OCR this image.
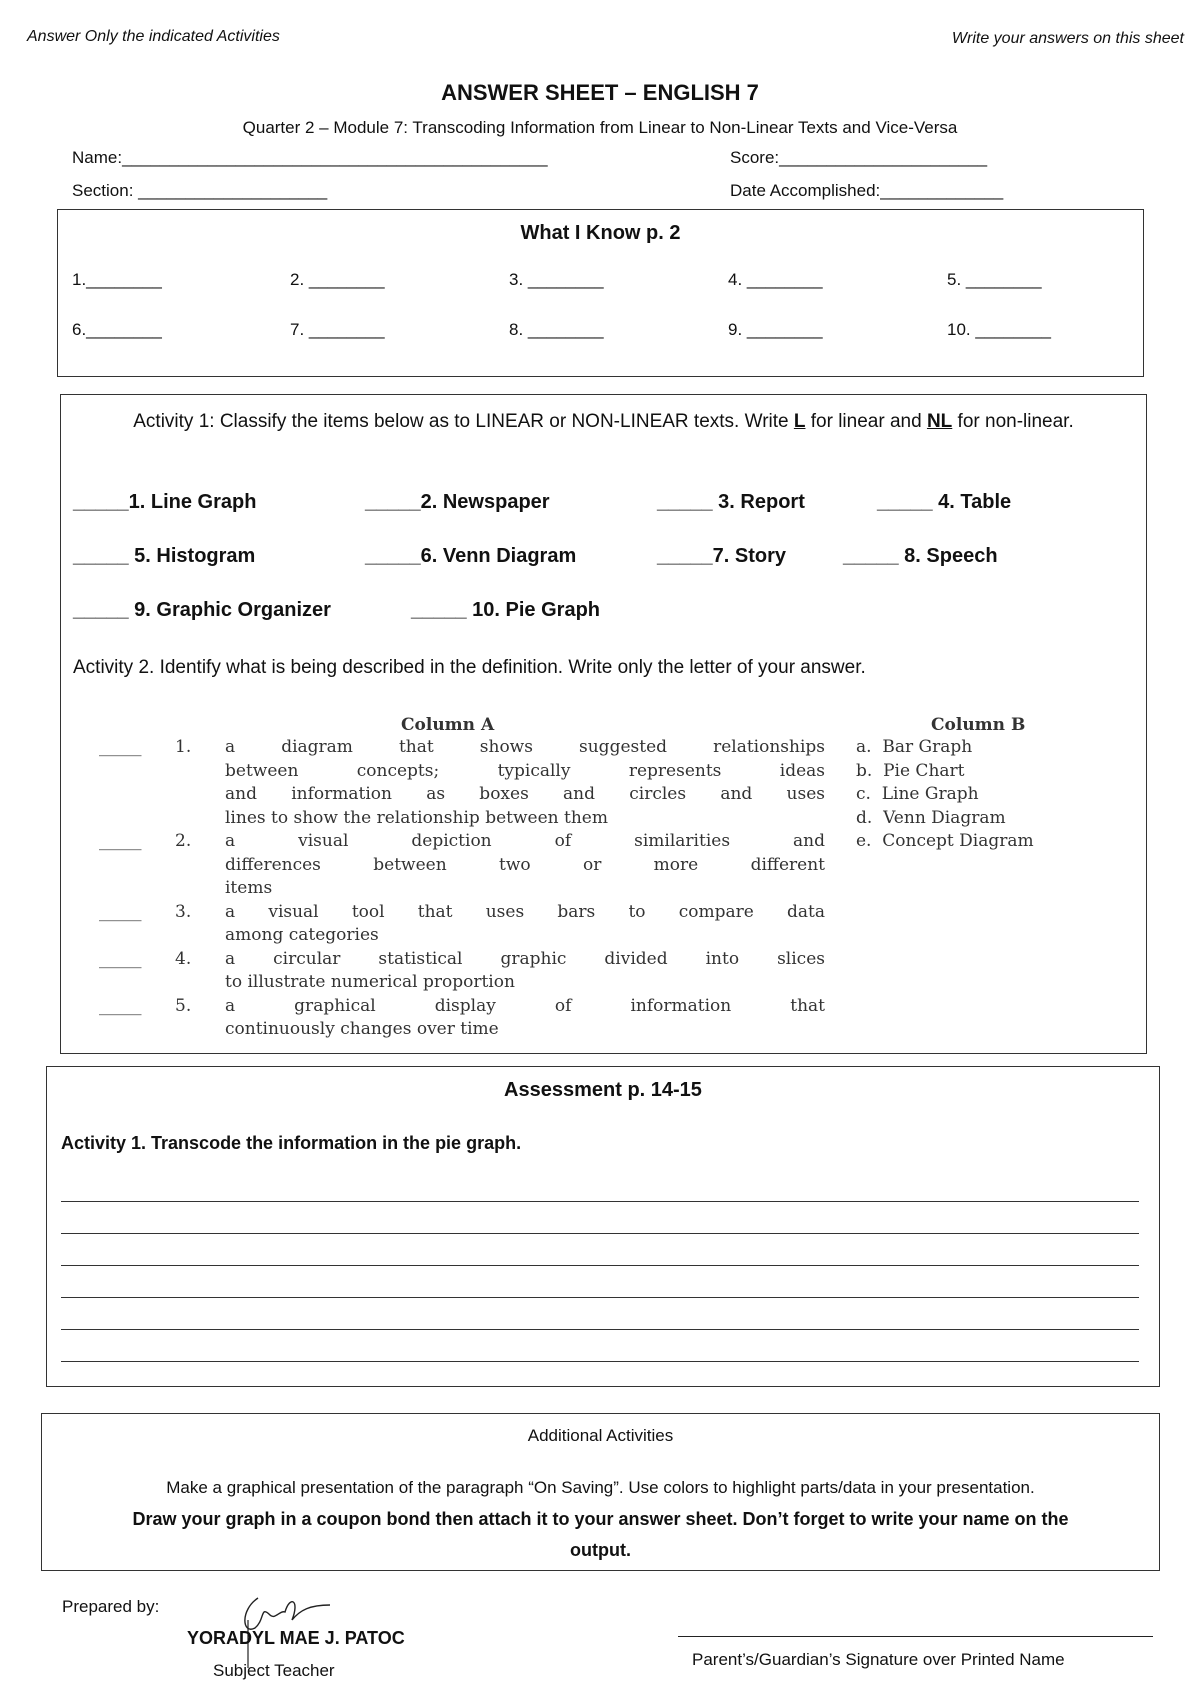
Answer Only the indicated Activities	Write your answers on this sheet
ANSWER SHEET – ENGLISH 7
Quarter 2 – Module 7: Transcoding Information from Linear to Non-Linear Texts and Vice-Versa
Name:_____________________________________________	Score:______________________
Section: ____________________	Date Accomplished:_____________
What I Know p. 2
1.________	2. ________	3. ________	4. ________	5. ________
6.________	7. ________	8. ________	9. ________	10. ________
Activity 1: Classify the items below as to LINEAR or NON-LINEAR texts. Write L for linear and NL for non-linear.
_____1. Line Graph	_____2. Newspaper	_____ 3. Report	_____ 4. Table
_____ 5. Histogram	_____6. Venn Diagram	_____7. Story	_____ 8. Speech
_____ 9. Graphic Organizer	_____ 10. Pie Graph
Activity 2. Identify what is being described in the definition. Write only the letter of your answer.
Column A	Column B
_____ 1. a diagram that shows suggested relationships
between concepts; typically represents ideas
and information as boxes and circles and uses
lines to show the relationship between them
_____ 2. a visual depiction of similarities and
differences between two or more different
items
_____ 3. a visual tool that uses bars to compare data
among categories
_____ 4. a circular statistical graphic divided into slices
to illustrate numerical proportion
_____ 5. a graphical display of information that
continuously changes over time
a.  Bar Graph
b.  Pie Chart
c.  Line Graph
d.  Venn Diagram
e.  Concept Diagram
Assessment p. 14-15
Activity 1. Transcode the information in the pie graph.
Additional Activities
Make a graphical presentation of the paragraph “On Saving”. Use colors to highlight parts/data in your presentation.
Draw your graph in a coupon bond then attach it to your answer sheet. Don’t forget to write your name on the output.
Prepared by:
YORADYL MAE J. PATOC
Subject Teacher
Parent’s/Guardian’s Signature over Printed Name
